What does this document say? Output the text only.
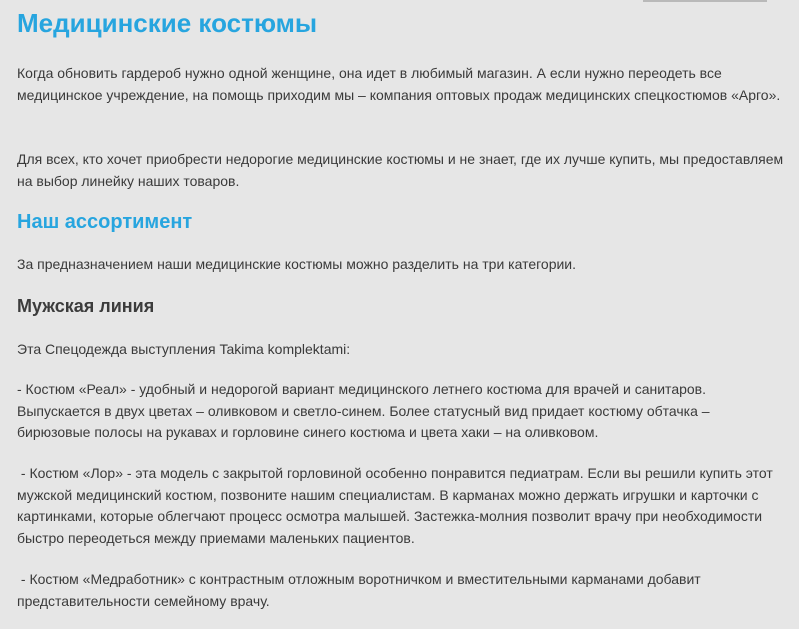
Медицинские костюмы

Когда обновить гардероб нужно одной женщине, она идет в любимый магазин. А если нужно переодеть все медицинское учреждение, на помощь приходим мы – компания оптовых продаж медицинских спецкостюмов «Арго».

Для всех, кто хочет приобрести недорогие медицинские костюмы и не знает, где их лучше купить, мы предоставляем на выбор линейку наших товаров.

Наш ассортимент

За предназначением наши медицинские костюмы можно разделить на три категории.

Мужская линия

Эта Спецодежда выступления Takima komplektami:

- Костюм «Реал» - удобный и недорогой вариант медицинского летнего костюма для врачей и санитаров. Выпускается в двух цветах – оливковом и светло-синем. Более статусный вид придает костюму обтачка – бирюзовые полосы на рукавах и горловине синего костюма и цвета хаки – на оливковом.

- Костюм «Лор» - эта модель с закрытой горловиной особенно понравится педиатрам. Если вы решили купить этот мужской медицинский костюм, позвоните нашим специалистам. В карманах можно держать игрушки и карточки с картинками, которые облегчают процесс осмотра малышей. Застежка-молния позволит врачу при необходимости быстро переодеться между приемами маленьких пациентов.

- Костюм «Медработник» с контрастным отложным воротничком и вместительными карманами добавит представительности семейному врачу.
